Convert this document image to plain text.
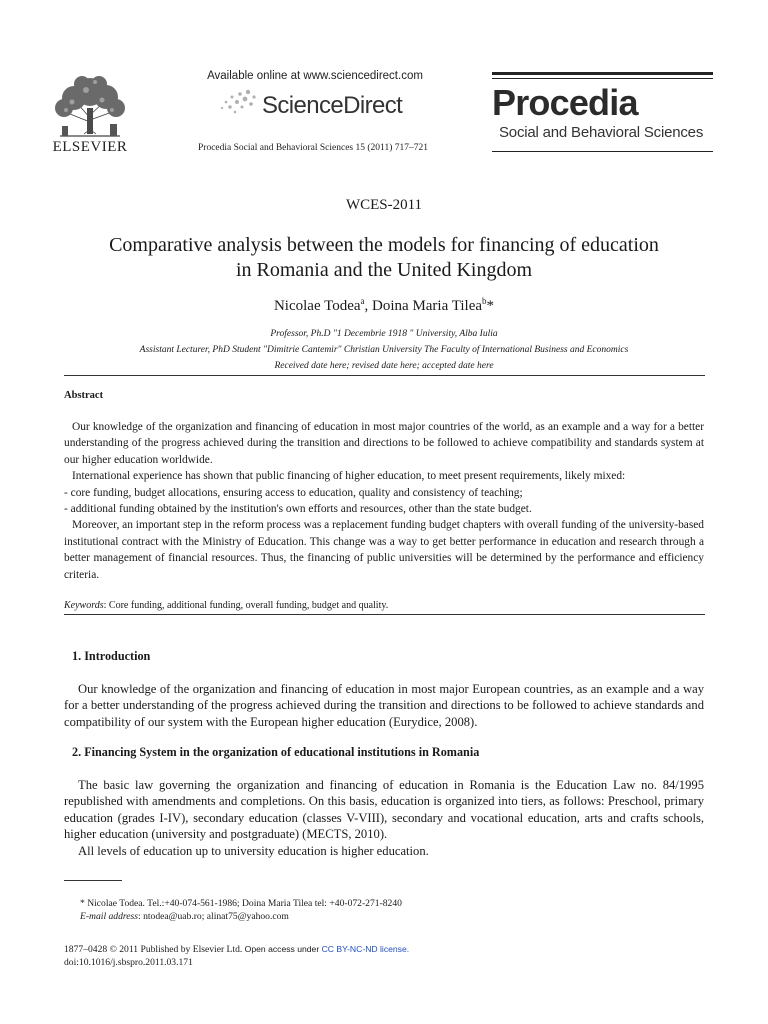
ELSEVIER
Available online at www.sciencedirect.com
ScienceDirect
Procedia Social and Behavioral Sciences 15 (2011) 717–721
Procedia
Social and Behavioral Sciences
WCES-2011
Comparative analysis between the models for financing of education
in Romania and the United Kingdom
Nicolae Todea$^a$, Doina Maria Tilea$^b$*
Professor, Ph.D "1 Decembrie 1918 " University, Alba Iulia
Assistant Lecturer, PhD Student "Dimitrie Cantemir" Christian University The Faculty of International Business and Economics
Received date here; revised date here; accepted date here
Abstract

Our knowledge of the organization and financing of education in most major countries of the world, as an example and a way for a better understanding of the progress achieved during the transition and directions to be followed to achieve compatibility and standards system at our higher education worldwide.

International experience has shown that public financing of higher education, to meet present requirements, likely mixed:

- core funding, budget allocations, ensuring access to education, quality and consistency of teaching;

- additional funding obtained by the institution's own efforts and resources, other than the state budget.

Moreover, an important step in the reform process was a replacement funding budget chapters with overall funding of the university-based institutional contract with the Ministry of Education. This change was a way to get better performance in education and research through a better management of financial resources. Thus, the financing of public universities will be determined by the performance and efficiency criteria.

Keywords: Core funding, additional funding, overall funding, budget and quality.
1. Introduction

Our knowledge of the organization and financing of education in most major European countries, as an example and a way for a better understanding of the progress achieved during the transition and directions to be followed to achieve standards and compatibility of our system with the European higher education (Eurydice, 2008).

2. Financing System in the organization of educational institutions in Romania

The basic law governing the organization and financing of education in Romania is the Education Law no. 84/1995 republished with amendments and completions. On this basis, education is organized into tiers, as follows: Preschool, primary education (grades I-IV), secondary education (classes V-VIII), secondary and vocational education, arts and crafts schools, higher education (university and postgraduate) (MECTS, 2010).

All levels of education up to university education is higher education.

* Nicolae Todea. Tel.:+40-074-561-1986; Doina Maria Tilea tel: +40-072-271-8240
E-mail address: ntodea@uab.ro; alinat75@yahoo.com
1877–0428 © 2011 Published by Elsevier Ltd. Open access under CC BY-NC-ND license.
doi:10.1016/j.sbspro.2011.03.171
